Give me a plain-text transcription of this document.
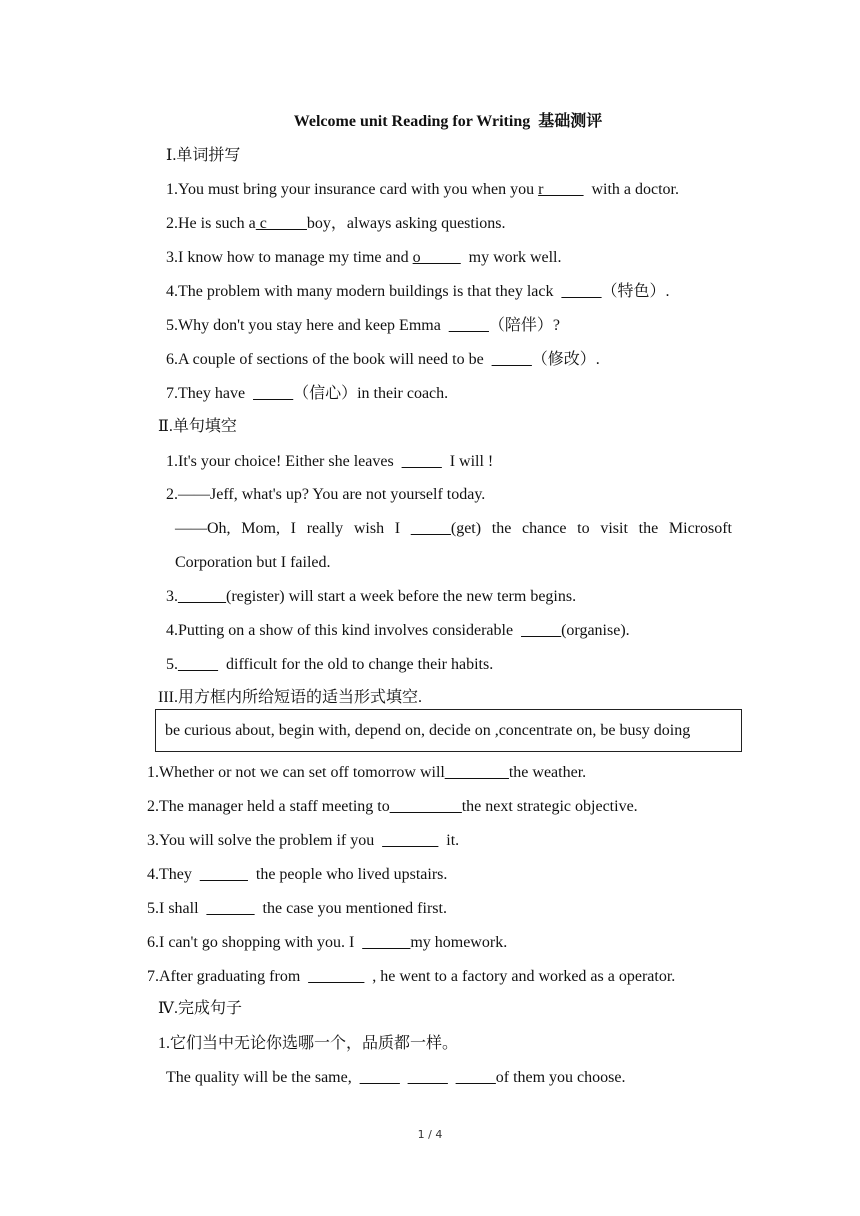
Welcome unit Reading for Writing  基础测评
Ⅰ.单词拼写
1.You must bring your insurance card with you when you r_____  with a doctor.
2.He is such a c_____boy，always asking questions.
3.I know how to manage my time and o_____  my work well.
4.The problem with many modern buildings is that they lack  _____（特色）.
5.Why don't you stay here and keep Emma  _____（陪伴）?
6.A couple of sections of the book will need to be  _____（修改）.
7.They have  _____（信心）in their coach.
Ⅱ.单句填空
1.It's your choice! Either she leaves  _____  I will !
2.——Jeff, what's up? You are not yourself today.
——Oh, Mom, I really wish I _____(get) the chance to visit the Microsoft
Corporation but I failed.
3.______(register) will start a week before the new term begins.
4.Putting on a show of this kind involves considerable  _____(organise).
5._____  difficult for the old to change their habits.
III.用方框内所给短语的适当形式填空.
be curious about, begin with, depend on, decide on ,concentrate on, be busy doing
1.Whether or not we can set off tomorrow will________the weather.
2.The manager held a staff meeting to_________the next strategic objective.
3.You will solve the problem if you  _______  it.
4.They  ______  the people who lived upstairs.
5.I shall  ______  the case you mentioned first.
6.I can't go shopping with you. I  ______my homework.
7.After graduating from  _______  , he went to a factory and worked as a operator.
Ⅳ.完成句子
1.它们当中无论你选哪一个，品质都一样。
The quality will be the same,  _____ _____ _____of them you choose.
1 / 4
